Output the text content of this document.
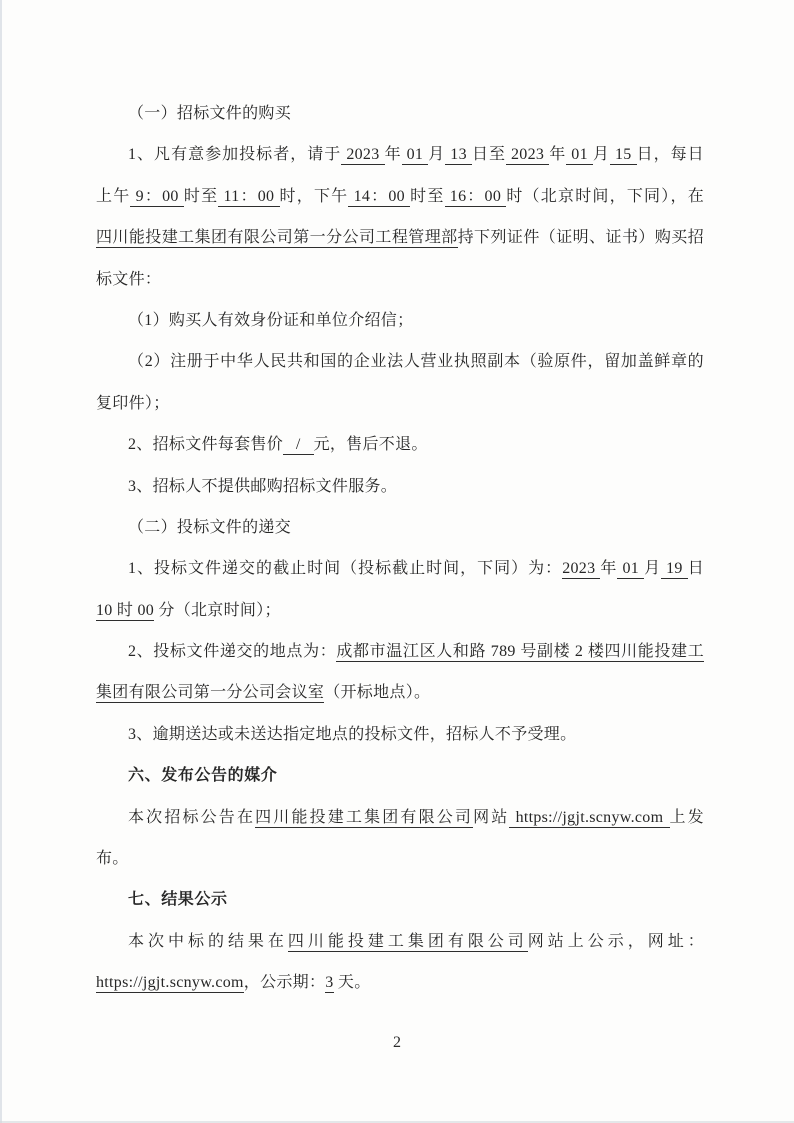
（一）招标文件的购买
1、凡有意参加投标者，请于 2023 年 01 月 13 日至 2023 年 01 月 15 日，每日
上午 9：00 时至 11：00 时，下午 14：00 时至 16：00 时（北京时间，下同），在
四川能投建工集团有限公司第一分公司工程管理部持下列证件（证明、证书）购买招
标文件：
（1）购买人有效身份证和单位介绍信；
（2）注册于中华人民共和国的企业法人营业执照副本（验原件，留加盖鲜章的
复印件）；
2、招标文件每套售价   /   元，售后不退。
3、招标人不提供邮购招标文件服务。
（二）投标文件的递交
1、投标文件递交的截止时间（投标截止时间，下同）为：2023 年 01 月 19 日
10 时 00 分（北京时间）；
2、投标文件递交的地点为：成都市温江区人和路 789 号副楼 2 楼四川能投建工
集团有限公司第一分公司会议室（开标地点）。
3、逾期送达或未送达指定地点的投标文件，招标人不予受理。
六、发布公告的媒介
本次招标公告在四川能投建工集团有限公司网站 https://jgjt.scnyw.com 上发
布。
七、结果公示
本次中标的结果在四川能投建工集团有限公司网站上公示，网址：
https://jgjt.scnyw.com，公示期：3 天。
2
